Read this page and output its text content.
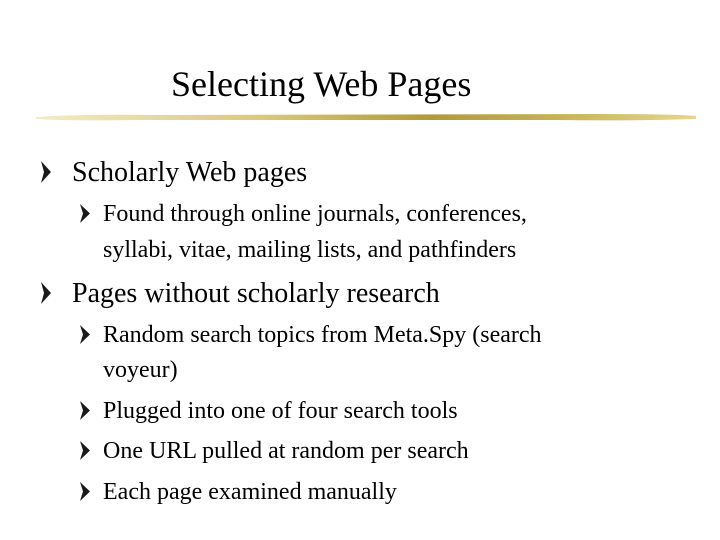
Selecting Web Pages
Scholarly Web pages
Found through online journals, conferences,
syllabi, vitae, mailing lists, and pathfinders
Pages without scholarly research
Random search topics from Meta.Spy (search
voyeur)
Plugged into one of four search tools
One URL pulled at random per search
Each page examined manually
